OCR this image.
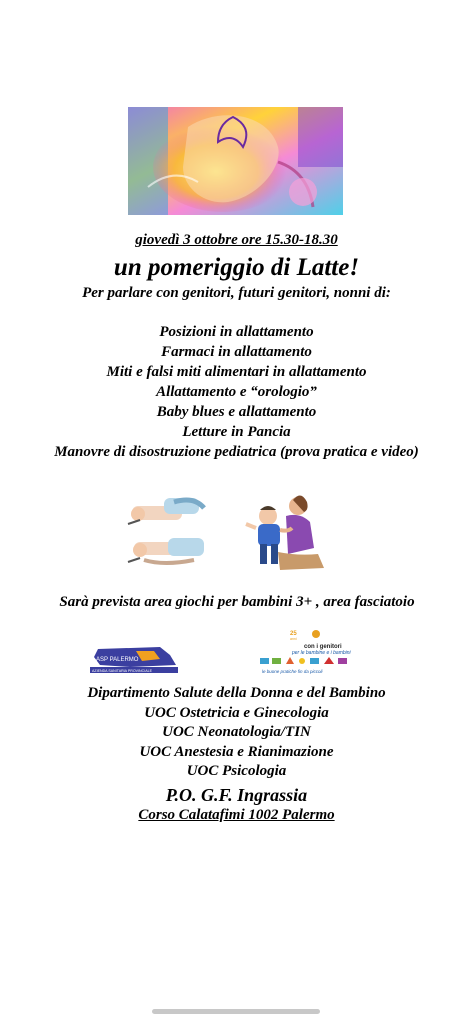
giovedì 3 ottobre ore 15.30-18.30
un pomeriggio di Latte!
Per parlare con genitori, futuri genitori, nonni di:
Posizioni in allattamento
Farmaci in allattamento
Miti e falsi miti alimentari in allattamento
Allattamento e “orologio”
Baby blues e allattamento
Letture in Pancia
Manovre di disostruzione pediatrica (prova pratica e video)
Sarà prevista area giochi per bambini 3+ , area fasciatoio
ASP PALERMO
AZIENDA SANITARIA PROVINCIALE
25
anni
con i genitori
per le bambine e i bambini
le buone pratiche fin da piccoli
Dipartimento Salute della Donna e del Bambino
UOC Ostetricia e Ginecologia
UOC Neonatologia/TIN
UOC Anestesia e Rianimazione
UOC Psicologia
P.O. G.F. Ingrassia
Corso Calatafimi 1002 Palermo
